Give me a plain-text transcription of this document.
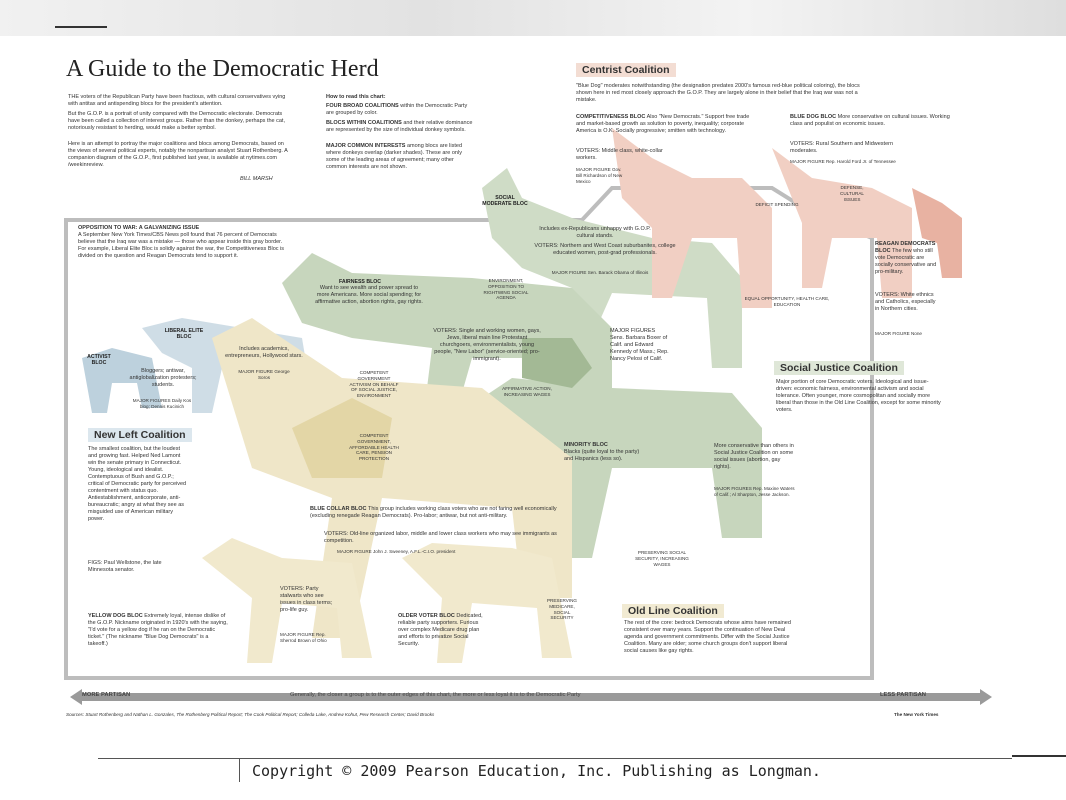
A Guide to the Democratic Herd
THE voters of the Republican Party have been fractious, with cultural conservatives vying with antitax and antispending blocs for the president's attention.
But the G.O.P. is a portrait of unity compared with the Democratic electorate. Democrats have been called a collection of interest groups. Rather than the donkey, perhaps the cat, notoriously resistant to herding, would make a better symbol.
Here is an attempt to portray the major coalitions and blocs among Democrats, based on the views of several political experts, notably the nonpartisan analyst Stuart Rothenberg. A companion diagram of the G.O.P., first published last year, is available at nytimes.com /weekinreview.
BILL MARSH
How to read this chart:
FOUR BROAD COALITIONS within the Democratic Party are grouped by color.
BLOCS WITHIN COALITIONS and their relative dominance are represented by the size of individual donkey symbols.
MAJOR COMMON INTERESTS among blocs are listed where donkeys overlap (darker shades). These are only some of the leading areas of agreement; many other common interests are not shown.
Centrist Coalition
"Blue Dog" moderates notwithstanding (the designation predates 2000's famous red-blue political coloring), the blocs shown here in red most closely approach the G.O.P. They are largely alone in their belief that the Iraq war was not a mistake.
COMPETITIVENESS BLOC Also "New Democrats." Support free trade and market-based growth as solution to poverty, inequality; corporate America is O.K. Socially progressive; smitten with technology.
VOTERS: Middle class, white-collar workers.
MAJOR FIGURE Gov. Bill Richardson of New Mexico
BLUE DOG BLOC More conservative on cultural issues. Working class and populist on economic issues.
VOTERS: Rural Southern and Midwestern moderates.
MAJOR FIGURE Rep. Harold Ford Jr. of Tennessee
REAGAN DEMOCRATS BLOC The few who still vote Democratic are socially conservative and pro-military.
VOTERS: White ethnics and Catholics, especially in Northern cities.
MAJOR FIGURE None
DEFENSE, CULTURAL ISSUES
DEFICIT SPENDING
OPPOSITION TO WAR: A GALVANIZING ISSUE
A September New York Times/CBS News poll found that 76 percent of Democrats believe that the Iraq war was a mistake — those who appear inside this gray border. For example, Liberal Elite Bloc is solidly against the war, the Competitiveness Bloc is divided on the question and Reagan Democrats tend to support it.
SOCIAL MODERATE BLOC
Includes ex-Republicans unhappy with G.O.P. cultural stands.
VOTERS: Northern and West Coast suburbanites, college educated women, post-grad professionals.
MAJOR FIGURE Sen. Barack Obama of Illinois
FAIRNESS BLOC
Want to see wealth and power spread to more Americans. More social spending; for affirmative action, abortion rights, gay rights.
VOTERS: Single and working women, gays, Jews, liberal main line Protestant churchgoers, environmentalists, young people, "New Labor" (service-oriented; pro-immigrant).
MAJOR FIGURES Sens. Barbara Boxer of Calif. and Edward Kennedy of Mass.; Rep. Nancy Pelosi of Calif.
MINORITY BLOC
Blacks (quite loyal to the party) and Hispanics (less so).
More conservative than others in Social Justice Coalition on some social issues (abortion, gay rights).
MAJOR FIGURES Rep. Maxine Waters of Calif.; Al Sharpton, Jesse Jackson.
Social Justice Coalition
Major portion of core Democratic voters. Ideological and issue-driven: economic fairness, environmental activism and social tolerance. Often younger, more cosmopolitan and socially more liberal than those in the Old Line Coalition, except for some minority voters.
ENVIRONMENT, OPPOSITION TO RIGHTWING SOCIAL AGENDA	EQUAL OPPORTUNITY, HEALTH CARE, EDUCATION
AFFIRMATIVE ACTION, INCREASING WAGES
LIBERAL ELITE BLOC
Includes academics, entrepreneurs, Hollywood stars.
MAJOR FIGURE George Soros
ACTIVIST BLOC
Bloggers; antiwar, antiglobalization protesters; students.
MAJOR FIGURES Daily Kos blog; Dennis Kucinich
New Left Coalition
The smallest coalition, but the loudest and growing fast. Helped Ned Lamont win the senate primary in Connecticut. Young, ideological and idealist. Contemptuous of Bush and G.O.P.; critical of Democratic party for perceived contentment with status quo. Antiestablishment, anticorporate, anti-bureaucratic; angry at what they see as misguided use of American military power.
FIGS: Paul Wellstone, the late Minnesota senator.
COMPETENT GOVERNMENT ACTIVISM ON BEHALF OF SOCIAL JUSTICE, ENVIRONMENT
COMPETENT GOVERNMENT, AFFORDABLE HEALTH CARE, PENSION PROTECTION
BLUE COLLAR BLOC This group includes working class voters who are not faring well economically (excluding renegade Reagan Democrats). Pro-labor; antiwar, but not anti-military.
VOTERS: Old-line organized labor, middle and lower class workers who may see immigrants as competition.
MAJOR FIGURE John J. Sweeney, A.F.L.-C.I.O. president
YELLOW DOG BLOC Extremely loyal, intense dislike of the G.O.P. Nickname originated in 1920's with the saying, "I'd vote for a yellow dog if he ran on the Democratic ticket." (The nickname "Blue Dog Democrats" is a takeoff.)
VOTERS: Party stalwarts who see issues in class terms; pro-life guy.
MAJOR FIGURE Rep. Sherrod Brown of Ohio
OLDER VOTER BLOC Dedicated, reliable party supporters. Furious over complex Medicare drug plan and efforts to privatize Social Security.
Old Line Coalition
The rest of the core: bedrock Democrats whose aims have remained consistent over many years. Support the continuation of New Deal agenda and government commitments. Differ with the Social Justice Coalition. Many are older; some church groups don't support liberal social causes like gay rights.
PRESERVING SOCIAL SECURITY, INCREASING WAGES
PRESERVING MEDICARE, SOCIAL SECURITY
MORE PARTISAN	Generally, the closer a group is to the outer edges of this chart, the more or less loyal it is to the Democratic Party	LESS PARTISAN
Sources: Stuart Rothenberg and Nathan L. Gonzales, The Rothenberg Political Report; The Cook Political Report; Colleda Lake, Andrew Kohut, Pew Research Center; David Brooks	The New York Times
Copyright © 2009 Pearson Education, Inc. Publishing as Longman.
